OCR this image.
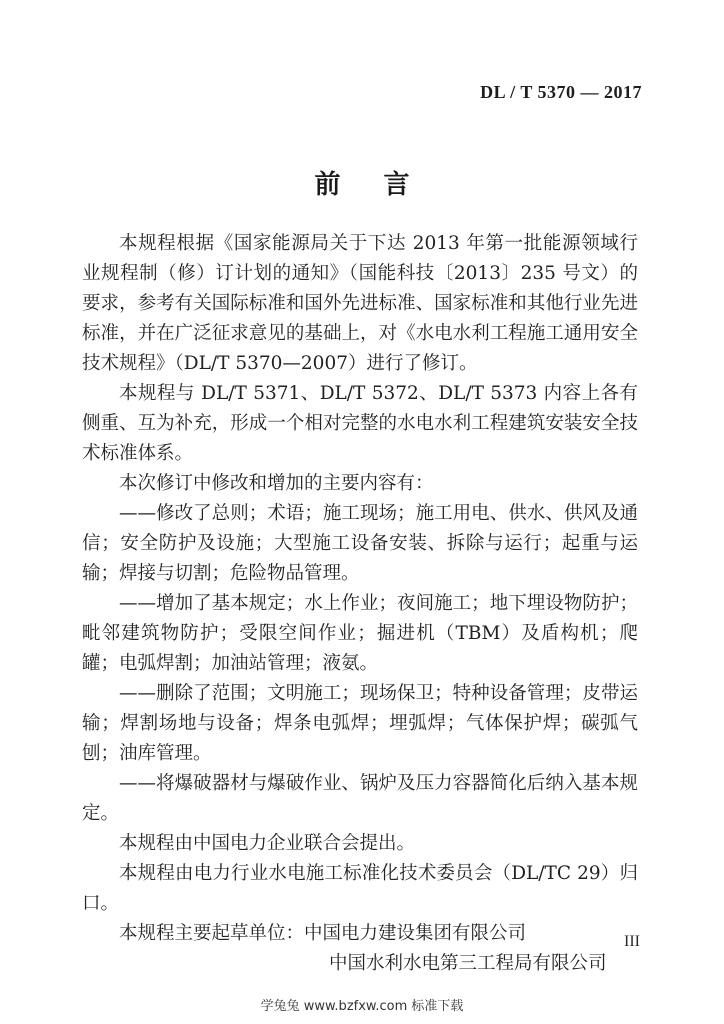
DL / T 5370 — 2017
前 言

本规程根据《国家能源局关于下达 2013 年第一批能源领域行业规程制（修）订计划的通知》（国能科技〔2013〕235 号文）的要求，参考有关国际标准和国外先进标准、国家标准和其他行业先进标准，并在广泛征求意见的基础上，对《水电水利工程施工通用安全技术规程》（DL/T 5370—2007）进行了修订。

本规程与 DL/T 5371、DL/T 5372、DL/T 5373 内容上各有侧重、互为补充，形成一个相对完整的水电水利工程建筑安装安全技术标准体系。

本次修订中修改和增加的主要内容有：

——修改了总则；术语；施工现场；施工用电、供水、供风及通信；安全防护及设施；大型施工设备安装、拆除与运行；起重与运输；焊接与切割；危险物品管理。

——增加了基本规定；水上作业；夜间施工；地下埋设物防护；毗邻建筑物防护；受限空间作业；掘进机（TBM）及盾构机；爬罐；电弧焊割；加油站管理；液氨。

——删除了范围；文明施工；现场保卫；特种设备管理；皮带运输；焊割场地与设备；焊条电弧焊；埋弧焊；气体保护焊；碳弧气刨；油库管理。

——将爆破器材与爆破作业、锅炉及压力容器简化后纳入基本规定。

本规程由中国电力企业联合会提出。

本规程由电力行业水电施工标准化技术委员会（DL/TC 29）归口。

本规程主要起草单位：中国电力建设集团有限公司
中国水利水电第三工程局有限公司
III
学兔兔 www.bzfxw.com 标准下载
